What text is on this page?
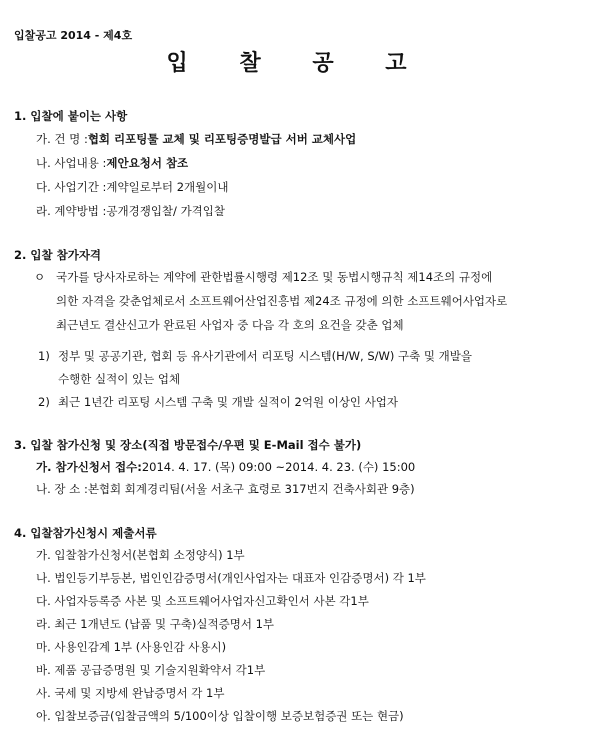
입찰공고 2014 - 제4호
입 찰 공 고
1. 입찰에 붙이는 사항
가. 건 명 :협회 리포팅툴 교체 및 리포팅증명발급 서버 교체사업
나. 사업내용 :제안요청서 참조
다. 사업기간 :계약일로부터 2개월이내
라. 계약방법 :공개경쟁입찰/ 가격입찰
2. 입찰 참가자격
ㅇ 국가를 당사자로하는 계약에 관한법률시행령 제12조 및 동법시행규칙 제14조의 규정에
의한 자격을 갖춘업체로서 소프트웨어산업진흥법 제24조 규정에 의한 소프트웨어사업자로
최근년도 결산신고가 완료된 사업자 중 다음 각 호의 요건을 갖춘 업체
1) 정부 및 공공기관, 협회 등 유사기관에서 리포팅 시스템(H/W, S/W) 구축 및 개발을
수행한 실적이 있는 업체
2) 최근 1년간 리포팅 시스템 구축 및 개발 실적이 2억원 이상인 사업자
3. 입찰 참가신청 및 장소(직접 방문접수/우편 및 E-Mail 접수 불가)
가. 참가신청서 접수:2014. 4. 17. (목) 09:00 ~2014. 4. 23. (수) 15:00
나. 장 소 :본협회 회계경리팀(서울 서초구 효령로 317번지 건축사회관 9층)
4. 입찰참가신청시 제출서류
가. 입찰참가신청서(본협회 소정양식) 1부
나. 법인등기부등본, 법인인감증명서(개인사업자는 대표자 인감증명서) 각 1부
다. 사업자등록증 사본 및 소프트웨어사업자신고확인서 사본 각1부
라. 최근 1개년도 (납품 및 구축)실적증명서 1부
마. 사용인감계 1부 (사용인감 사용시)
바. 제품 공급증명원 및 기술지원확약서 각1부
사. 국세 및 지방세 완납증명서 각 1부
아. 입찰보증금(입찰금액의 5/100이상 입찰이행 보증보험증권 또는 현금)
